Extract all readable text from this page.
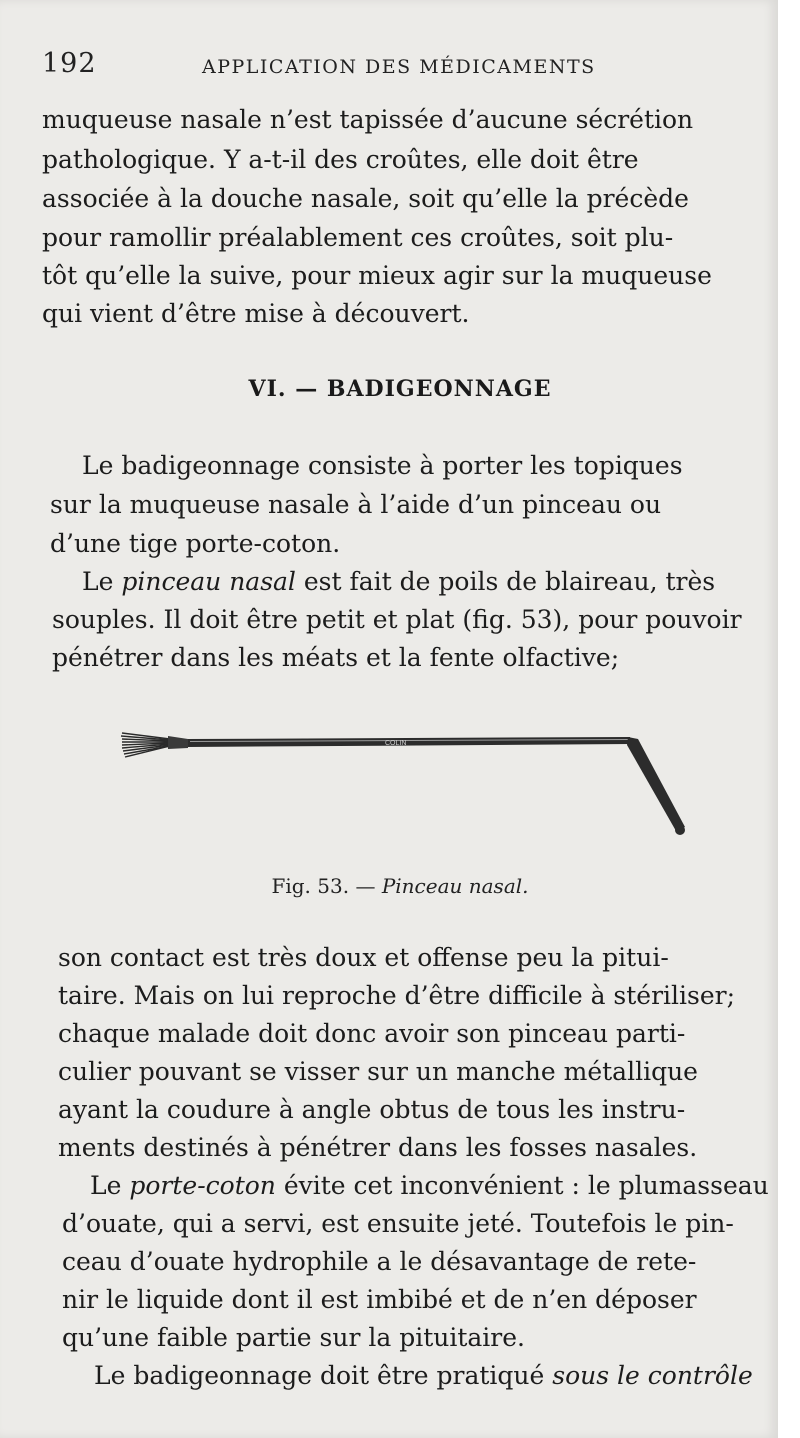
192	APPLICATION DES MÉDICAMENTS
muqueuse nasale n’est tapissée d’aucune sécrétion
pathologique. Y a-t-il des croûtes, elle doit être
associée à la douche nasale, soit qu’elle la précède
pour ramollir préalablement ces croûtes, soit plu-
tôt qu’elle la suive, pour mieux agir sur la muqueuse
qui vient d’être mise à découvert.
VI. — BADIGEONNAGE
Le badigeonnage consiste à porter les topiques
sur la muqueuse nasale à l’aide d’un pinceau ou
d’une tige porte-coton.
Le pinceau nasal est fait de poils de blaireau, très
souples. Il doit être petit et plat (fig. 53), pour pouvoir
pénétrer dans les méats et la fente olfactive;
COLIN
Fig. 53. — Pinceau nasal.
son contact est très doux et offense peu la pitui-
taire. Mais on lui reproche d’être difficile à stériliser;
chaque malade doit donc avoir son pinceau parti-
culier pouvant se visser sur un manche métallique
ayant la coudure à angle obtus de tous les instru-
ments destinés à pénétrer dans les fosses nasales.
Le porte-coton évite cet inconvénient : le plumasseau
d’ouate, qui a servi, est ensuite jeté. Toutefois le pin-
ceau d’ouate hydrophile a le désavantage de rete-
nir le liquide dont il est imbibé et de n’en déposer
qu’une faible partie sur la pituitaire.
Le badigeonnage doit être pratiqué sous le contrôle
